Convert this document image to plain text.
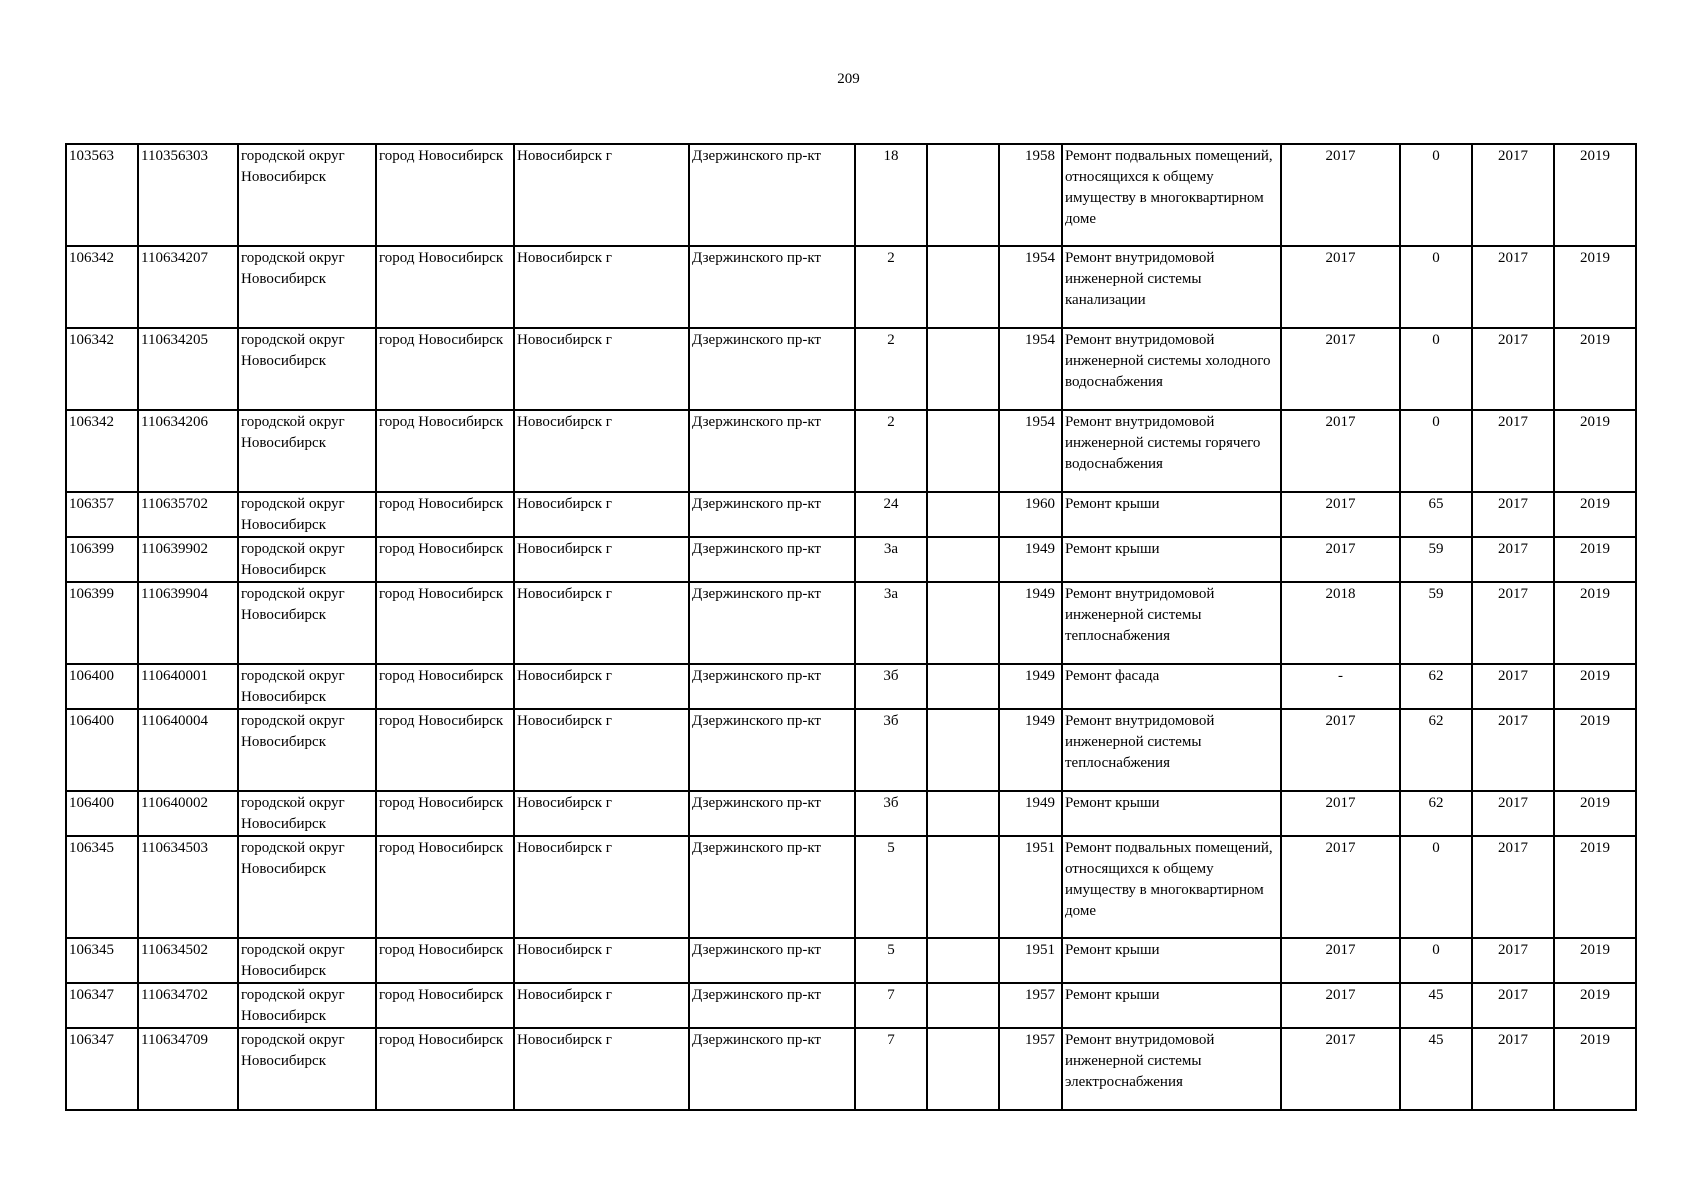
209
103563	110356303	городской округ Новосибирск	город Новосибирск	Новосибирск г	Дзержинского пр-кт	18		1958	Ремонт подвальных помещений, относящихся к общему имуществу в многоквартирном доме	2017	0	2017	2019
106342	110634207	городской округ Новосибирск	город Новосибирск	Новосибирск г	Дзержинского пр-кт	2		1954	Ремонт внутридомовой инженерной системы канализации	2017	0	2017	2019
106342	110634205	городской округ Новосибирск	город Новосибирск	Новосибирск г	Дзержинского пр-кт	2		1954	Ремонт внутридомовой инженерной системы холодного водоснабжения	2017	0	2017	2019
106342	110634206	городской округ Новосибирск	город Новосибирск	Новосибирск г	Дзержинского пр-кт	2		1954	Ремонт внутридомовой инженерной системы горячего водоснабжения	2017	0	2017	2019
106357	110635702	городской округ Новосибирск	город Новосибирск	Новосибирск г	Дзержинского пр-кт	24		1960	Ремонт крыши	2017	65	2017	2019
106399	110639902	городской округ Новосибирск	город Новосибирск	Новосибирск г	Дзержинского пр-кт	3а		1949	Ремонт крыши	2017	59	2017	2019
106399	110639904	городской округ Новосибирск	город Новосибирск	Новосибирск г	Дзержинского пр-кт	3а		1949	Ремонт внутридомовой инженерной системы теплоснабжения	2018	59	2017	2019
106400	110640001	городской округ Новосибирск	город Новосибирск	Новосибирск г	Дзержинского пр-кт	3б		1949	Ремонт фасада	-	62	2017	2019
106400	110640004	городской округ Новосибирск	город Новосибирск	Новосибирск г	Дзержинского пр-кт	3б		1949	Ремонт внутридомовой инженерной системы теплоснабжения	2017	62	2017	2019
106400	110640002	городской округ Новосибирск	город Новосибирск	Новосибирск г	Дзержинского пр-кт	3б		1949	Ремонт крыши	2017	62	2017	2019
106345	110634503	городской округ Новосибирск	город Новосибирск	Новосибирск г	Дзержинского пр-кт	5		1951	Ремонт подвальных помещений, относящихся к общему имуществу в многоквартирном доме	2017	0	2017	2019
106345	110634502	городской округ Новосибирск	город Новосибирск	Новосибирск г	Дзержинского пр-кт	5		1951	Ремонт крыши	2017	0	2017	2019
106347	110634702	городской округ Новосибирск	город Новосибирск	Новосибирск г	Дзержинского пр-кт	7		1957	Ремонт крыши	2017	45	2017	2019
106347	110634709	городской округ Новосибирск	город Новосибирск	Новосибирск г	Дзержинского пр-кт	7		1957	Ремонт внутридомовой инженерной системы электроснабжения	2017	45	2017	2019
